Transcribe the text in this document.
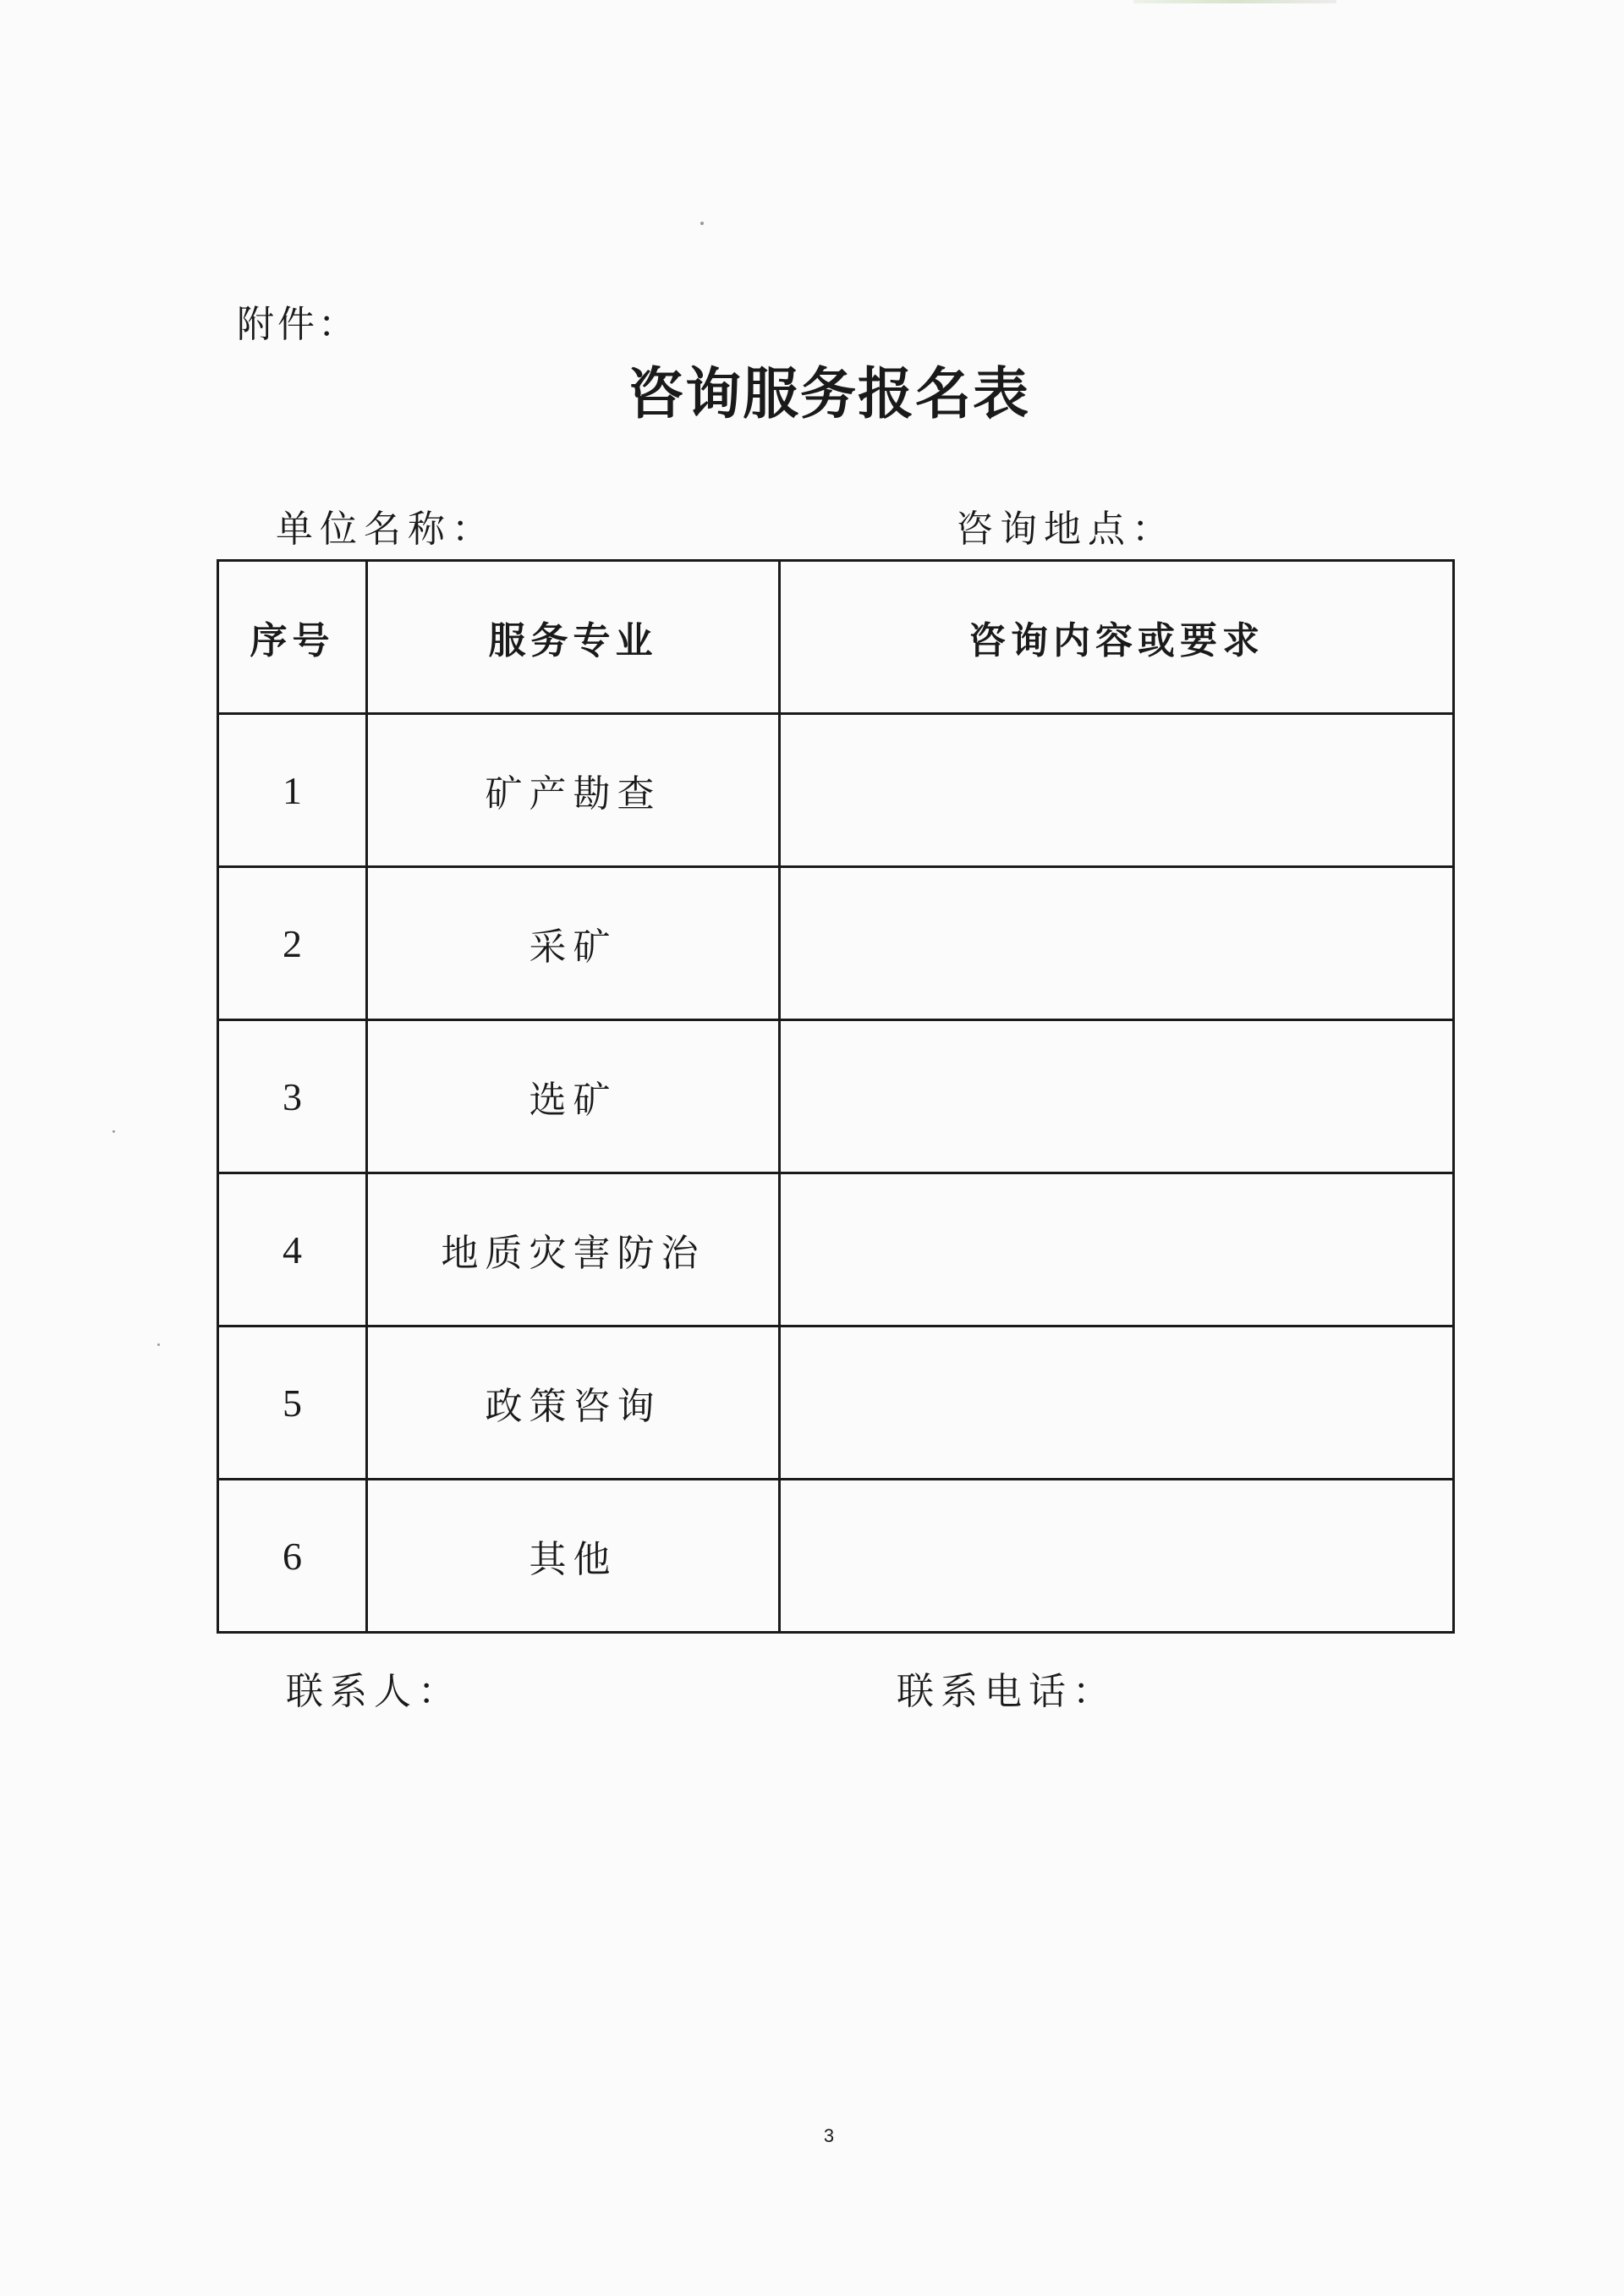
附件：
咨询服务报名表
单位名称：	咨询地点：
序号	服务专业	咨询内容或要求
1	矿产勘查	
2	采矿	
3	选矿	
4	地质灾害防治	
5	政策咨询	
6	其他	
联系人：	联系电话：
3
